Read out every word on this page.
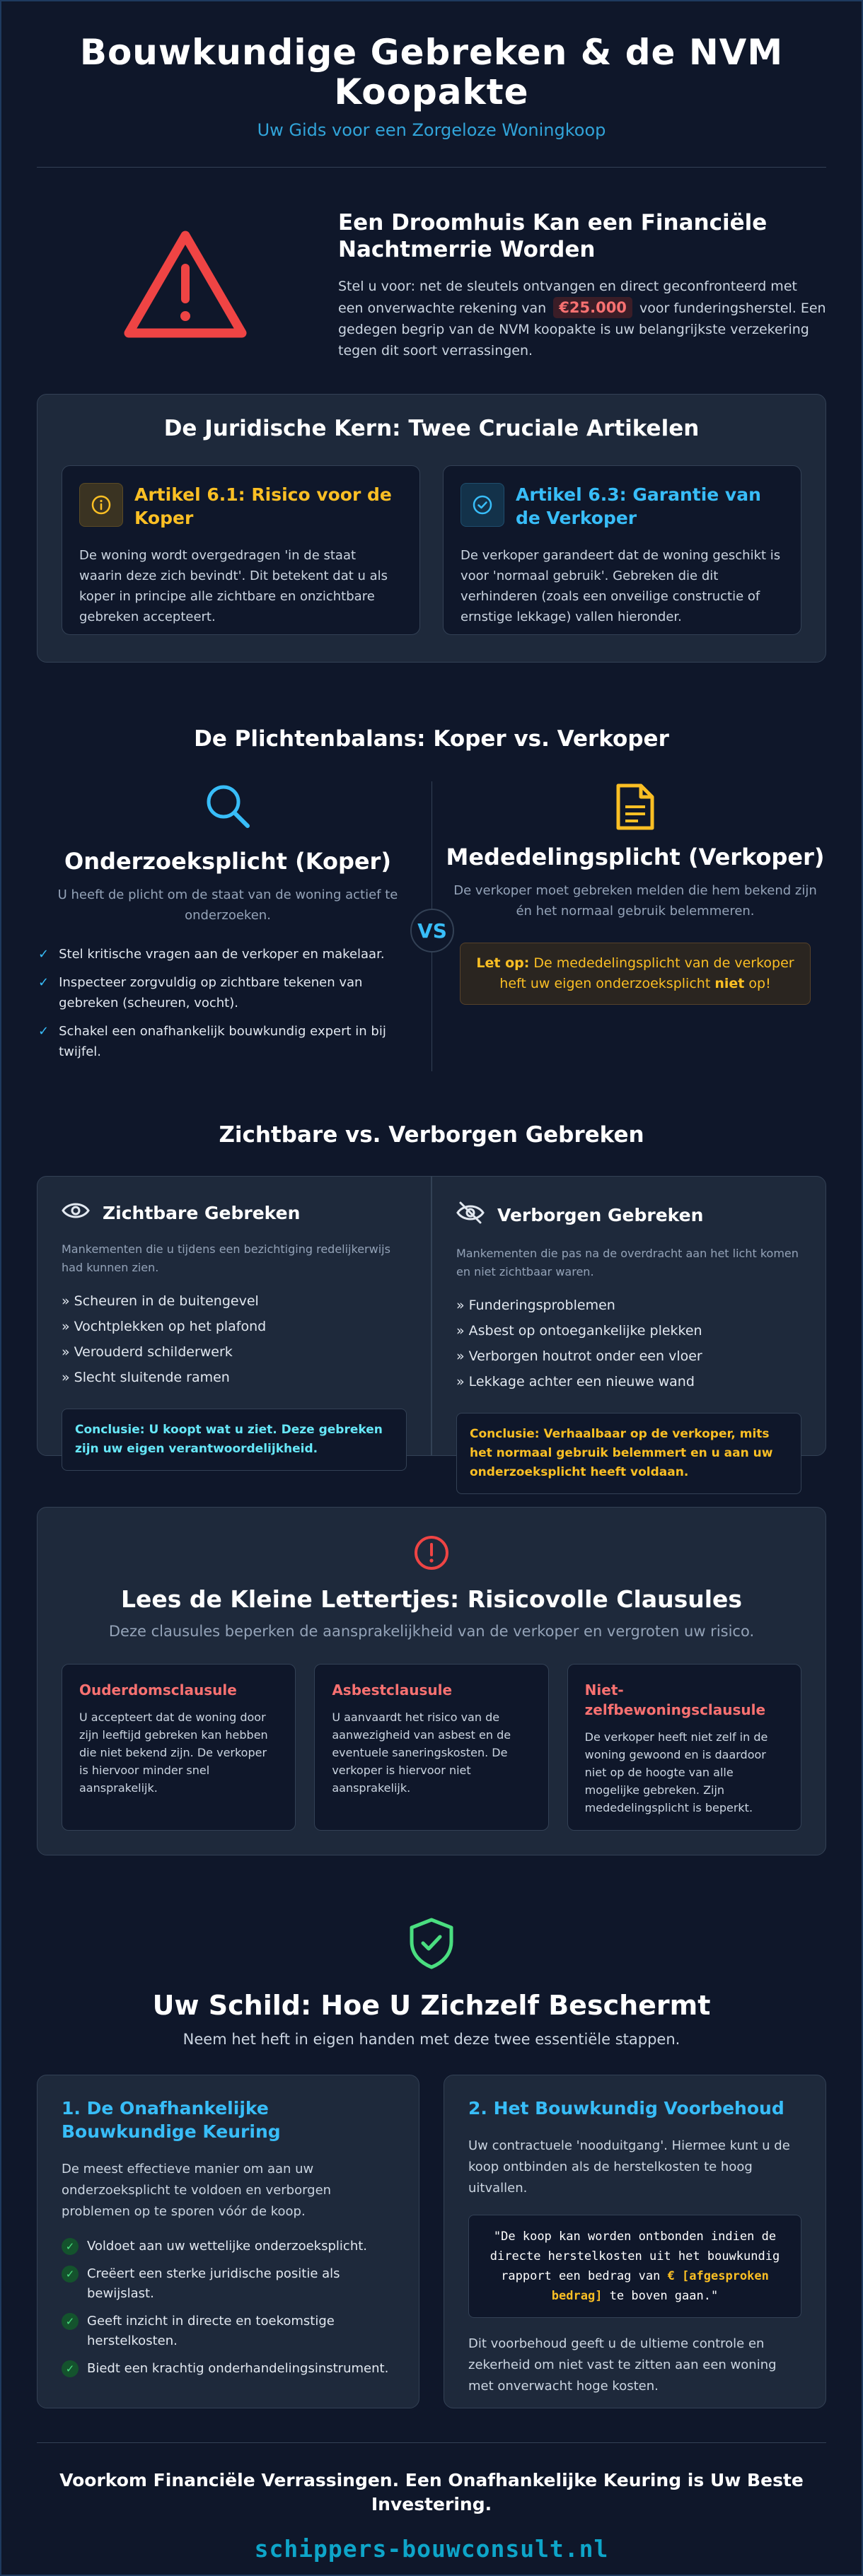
Bouwkundige Gebreken & de NVM Koopakte
Uw Gids voor een Zorgeloze Woningkoop
Een Droomhuis Kan een Financiële Nachtmerrie Worden

Stel u voor: net de sleutels ontvangen en direct geconfronteerd met een onverwachte rekening van €25.000 voor funderingsherstel. Een gedegen begrip van de NVM koopakte is uw belangrijkste verzekering tegen dit soort verrassingen.

De Juridische Kern: Twee Cruciale Artikelen
Artikel 6.1: Risico voor de Koper

De woning wordt overgedragen 'in de staat waarin deze zich bevindt'. Dit betekent dat u als koper in principe alle zichtbare en onzichtbare gebreken accepteert.

Artikel 6.3: Garantie van de Verkoper

De verkoper garandeert dat de woning geschikt is voor 'normaal gebruik'. Gebreken die dit verhinderen (zoals een onveilige constructie of ernstige lekkage) vallen hieronder.

De Plichtenbalans: Koper vs. Verkoper
Onderzoeksplicht (Koper)
U heeft de plicht om de staat van de woning actief te onderzoeken.
✓ Stel kritische vragen aan de verkoper en makelaar.
✓ Inspecteer zorgvuldig op zichtbare tekenen van gebreken (scheuren, vocht).
✓ Schakel een onafhankelijk bouwkundig expert in bij twijfel.
VS
Mededelingsplicht (Verkoper)
De verkoper moet gebreken melden die hem bekend zijn én het normaal gebruik belemmeren.
Let op: De mededelingsplicht van de verkoper heft uw eigen onderzoeksplicht niet op!
Zichtbare vs. Verborgen Gebreken
Zichtbare Gebreken
Mankementen die u tijdens een bezichtiging redelijkerwijs had kunnen zien.
» Scheuren in de buitengevel
» Vochtplekken op het plafond
» Verouderd schilderwerk
» Slecht sluitende ramen
Conclusie: U koopt wat u ziet. Deze gebreken zijn uw eigen verantwoordelijkheid.
Verborgen Gebreken
Mankementen die pas na de overdracht aan het licht komen en niet zichtbaar waren.
» Funderingsproblemen
» Asbest op ontoegankelijke plekken
» Verborgen houtrot onder een vloer
» Lekkage achter een nieuwe wand
Conclusie: Verhaalbaar op de verkoper, mits het normaal gebruik belemmert en u aan uw onderzoeksplicht heeft voldaan.
Lees de Kleine Lettertjes: Risicovolle Clausules
Deze clausules beperken de aansprakelijkheid van de verkoper en vergroten uw risico.
Ouderdomsclausule

U accepteert dat de woning door zijn leeftijd gebreken kan hebben die niet bekend zijn. De verkoper is hiervoor minder snel aansprakelijk.

Asbestclausule

U aanvaardt het risico van de aanwezigheid van asbest en de eventuele saneringskosten. De verkoper is hiervoor niet aansprakelijk.

Niet-zelfbewoningsclausule

De verkoper heeft niet zelf in de woning gewoond en is daardoor niet op de hoogte van alle mogelijke gebreken. Zijn mededelingsplicht is beperkt.

Uw Schild: Hoe U Zichzelf Beschermt
Neem het heft in eigen handen met deze twee essentiële stappen.
1. De Onafhankelijke Bouwkundige Keuring

De meest effectieve manier om aan uw onderzoeksplicht te voldoen en verborgen problemen op te sporen vóór de koop.

✓ Voldoet aan uw wettelijke onderzoeksplicht.
✓ Creëert een sterke juridische positie als bewijslast.
✓ Geeft inzicht in directe en toekomstige herstelkosten.
✓ Biedt een krachtig onderhandelingsinstrument.
2. Het Bouwkundig Voorbehoud

Uw contractuele 'nooduitgang'. Hiermee kunt u de koop ontbinden als de herstelkosten te hoog uitvallen.

"De koop kan worden ontbonden indien de directe herstelkosten uit het bouwkundig rapport een bedrag van € [afgesproken bedrag] te boven gaan."

Dit voorbehoud geeft u de ultieme controle en zekerheid om niet vast te zitten aan een woning met onverwacht hoge kosten.

Voorkom Financiële Verrassingen. Een Onafhankelijke Keuring is Uw Beste Investering.
schippers-bouwconsult.nl
